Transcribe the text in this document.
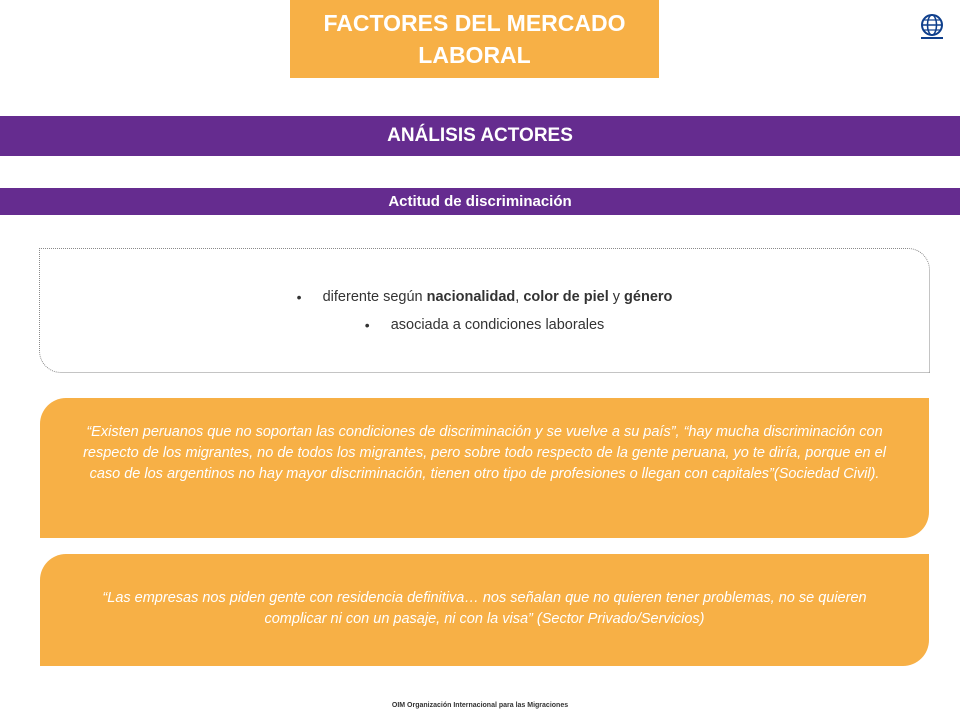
FACTORES DEL MERCADO
LABORAL
ANÁLISIS ACTORES
Actitud de discriminación
•	diferente según nacionalidad, color de piel y género
•	asociada a condiciones laborales
“Existen peruanos que no soportan las condiciones de discriminación y se vuelve a su país”, “hay mucha discriminación con respecto de los migrantes, no de todos los migrantes, pero sobre todo respecto de la gente peruana, yo te diría, porque en el caso de los argentinos no hay mayor discriminación, tienen otro tipo de profesiones o llegan con capitales”(Sociedad Civil).
“Las empresas nos piden gente con residencia definitiva… nos señalan que no quieren tener problemas, no se quieren complicar ni con un pasaje, ni con la visa” (Sector Privado/Servicios)
OIM Organización Internacional para las Migraciones
